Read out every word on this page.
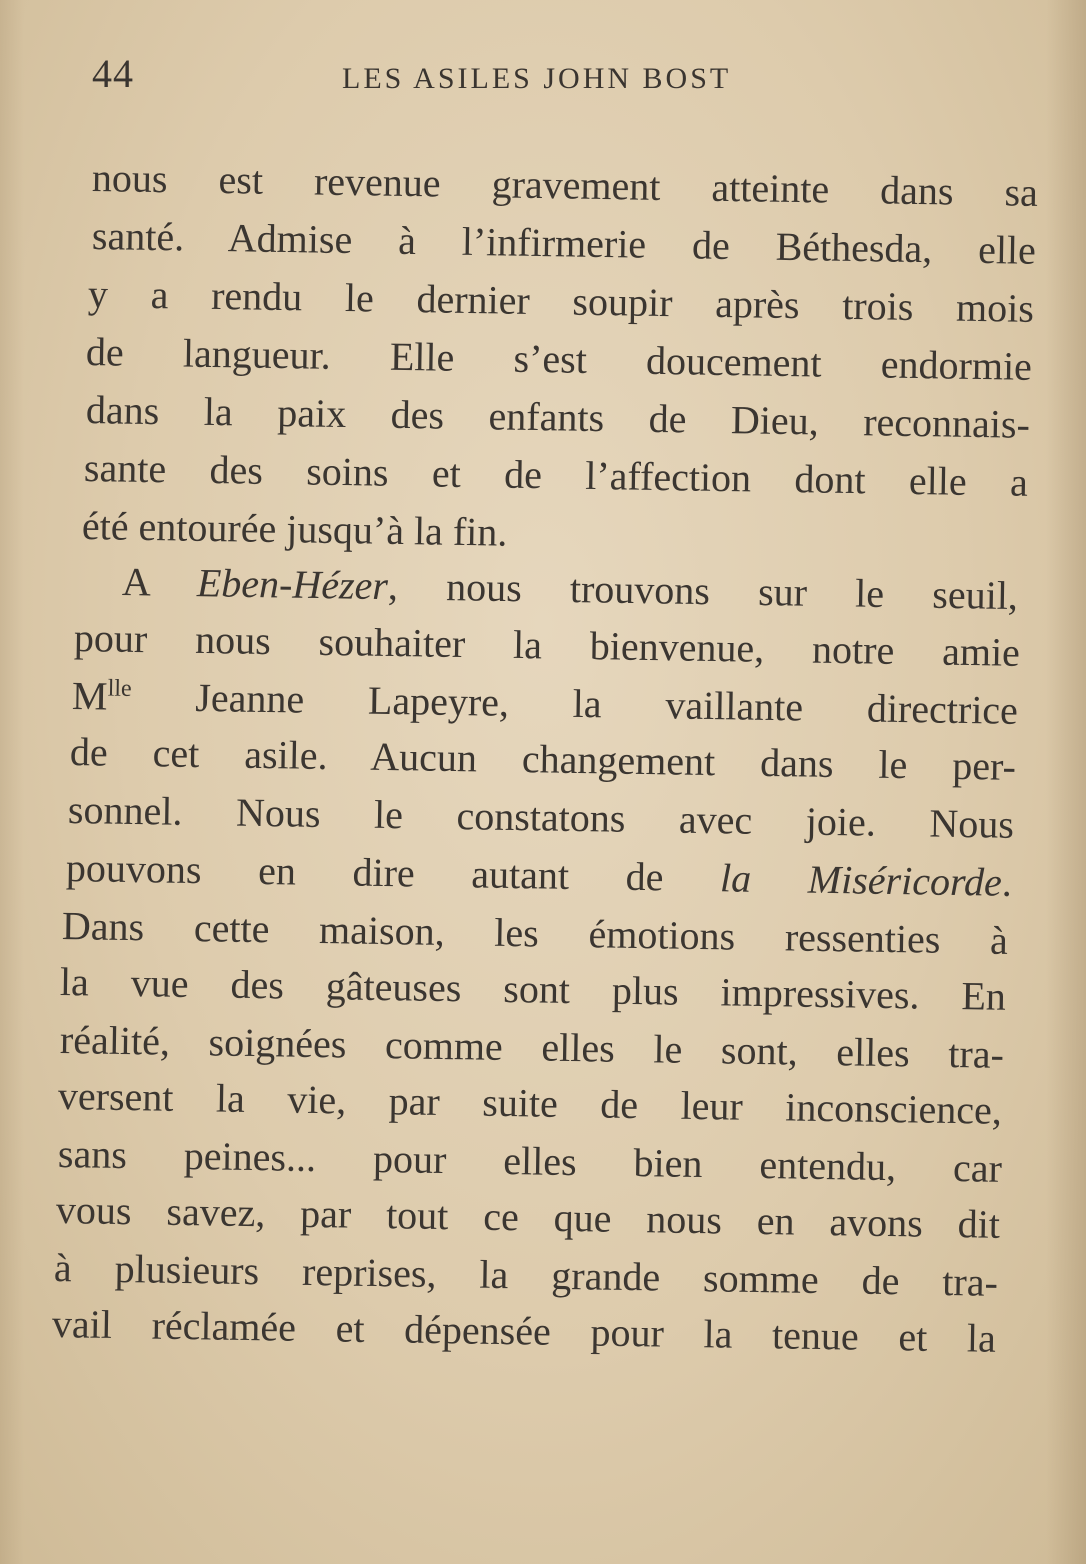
44	LES ASILES JOHN BOST
nous est revenue gravement atteinte dans sa
santé. Admise à l’infirmerie de Béthesda, elle
y a rendu le dernier soupir après trois mois
de langueur. Elle s’est doucement endormie
dans la paix des enfants de Dieu, reconnais-
sante des soins et de l’affection dont elle a
été entourée jusqu’à la fin.
A Eben-Hézer, nous trouvons sur le seuil,
pour nous souhaiter la bienvenue, notre amie
$M^{lle}$ Jeanne Lapeyre, la vaillante directrice
de cet asile. Aucun changement dans le per-
sonnel. Nous le constatons avec joie. Nous
pouvons en dire autant de la Miséricorde.
Dans cette maison, les émotions ressenties à
la vue des gâteuses sont plus impressives. En
réalité, soignées comme elles le sont, elles tra-
versent la vie, par suite de leur inconscience,
sans peines... pour elles bien entendu, car
vous savez, par tout ce que nous en avons dit
à plusieurs reprises, la grande somme de tra-
vail réclamée et dépensée pour la tenue et la
